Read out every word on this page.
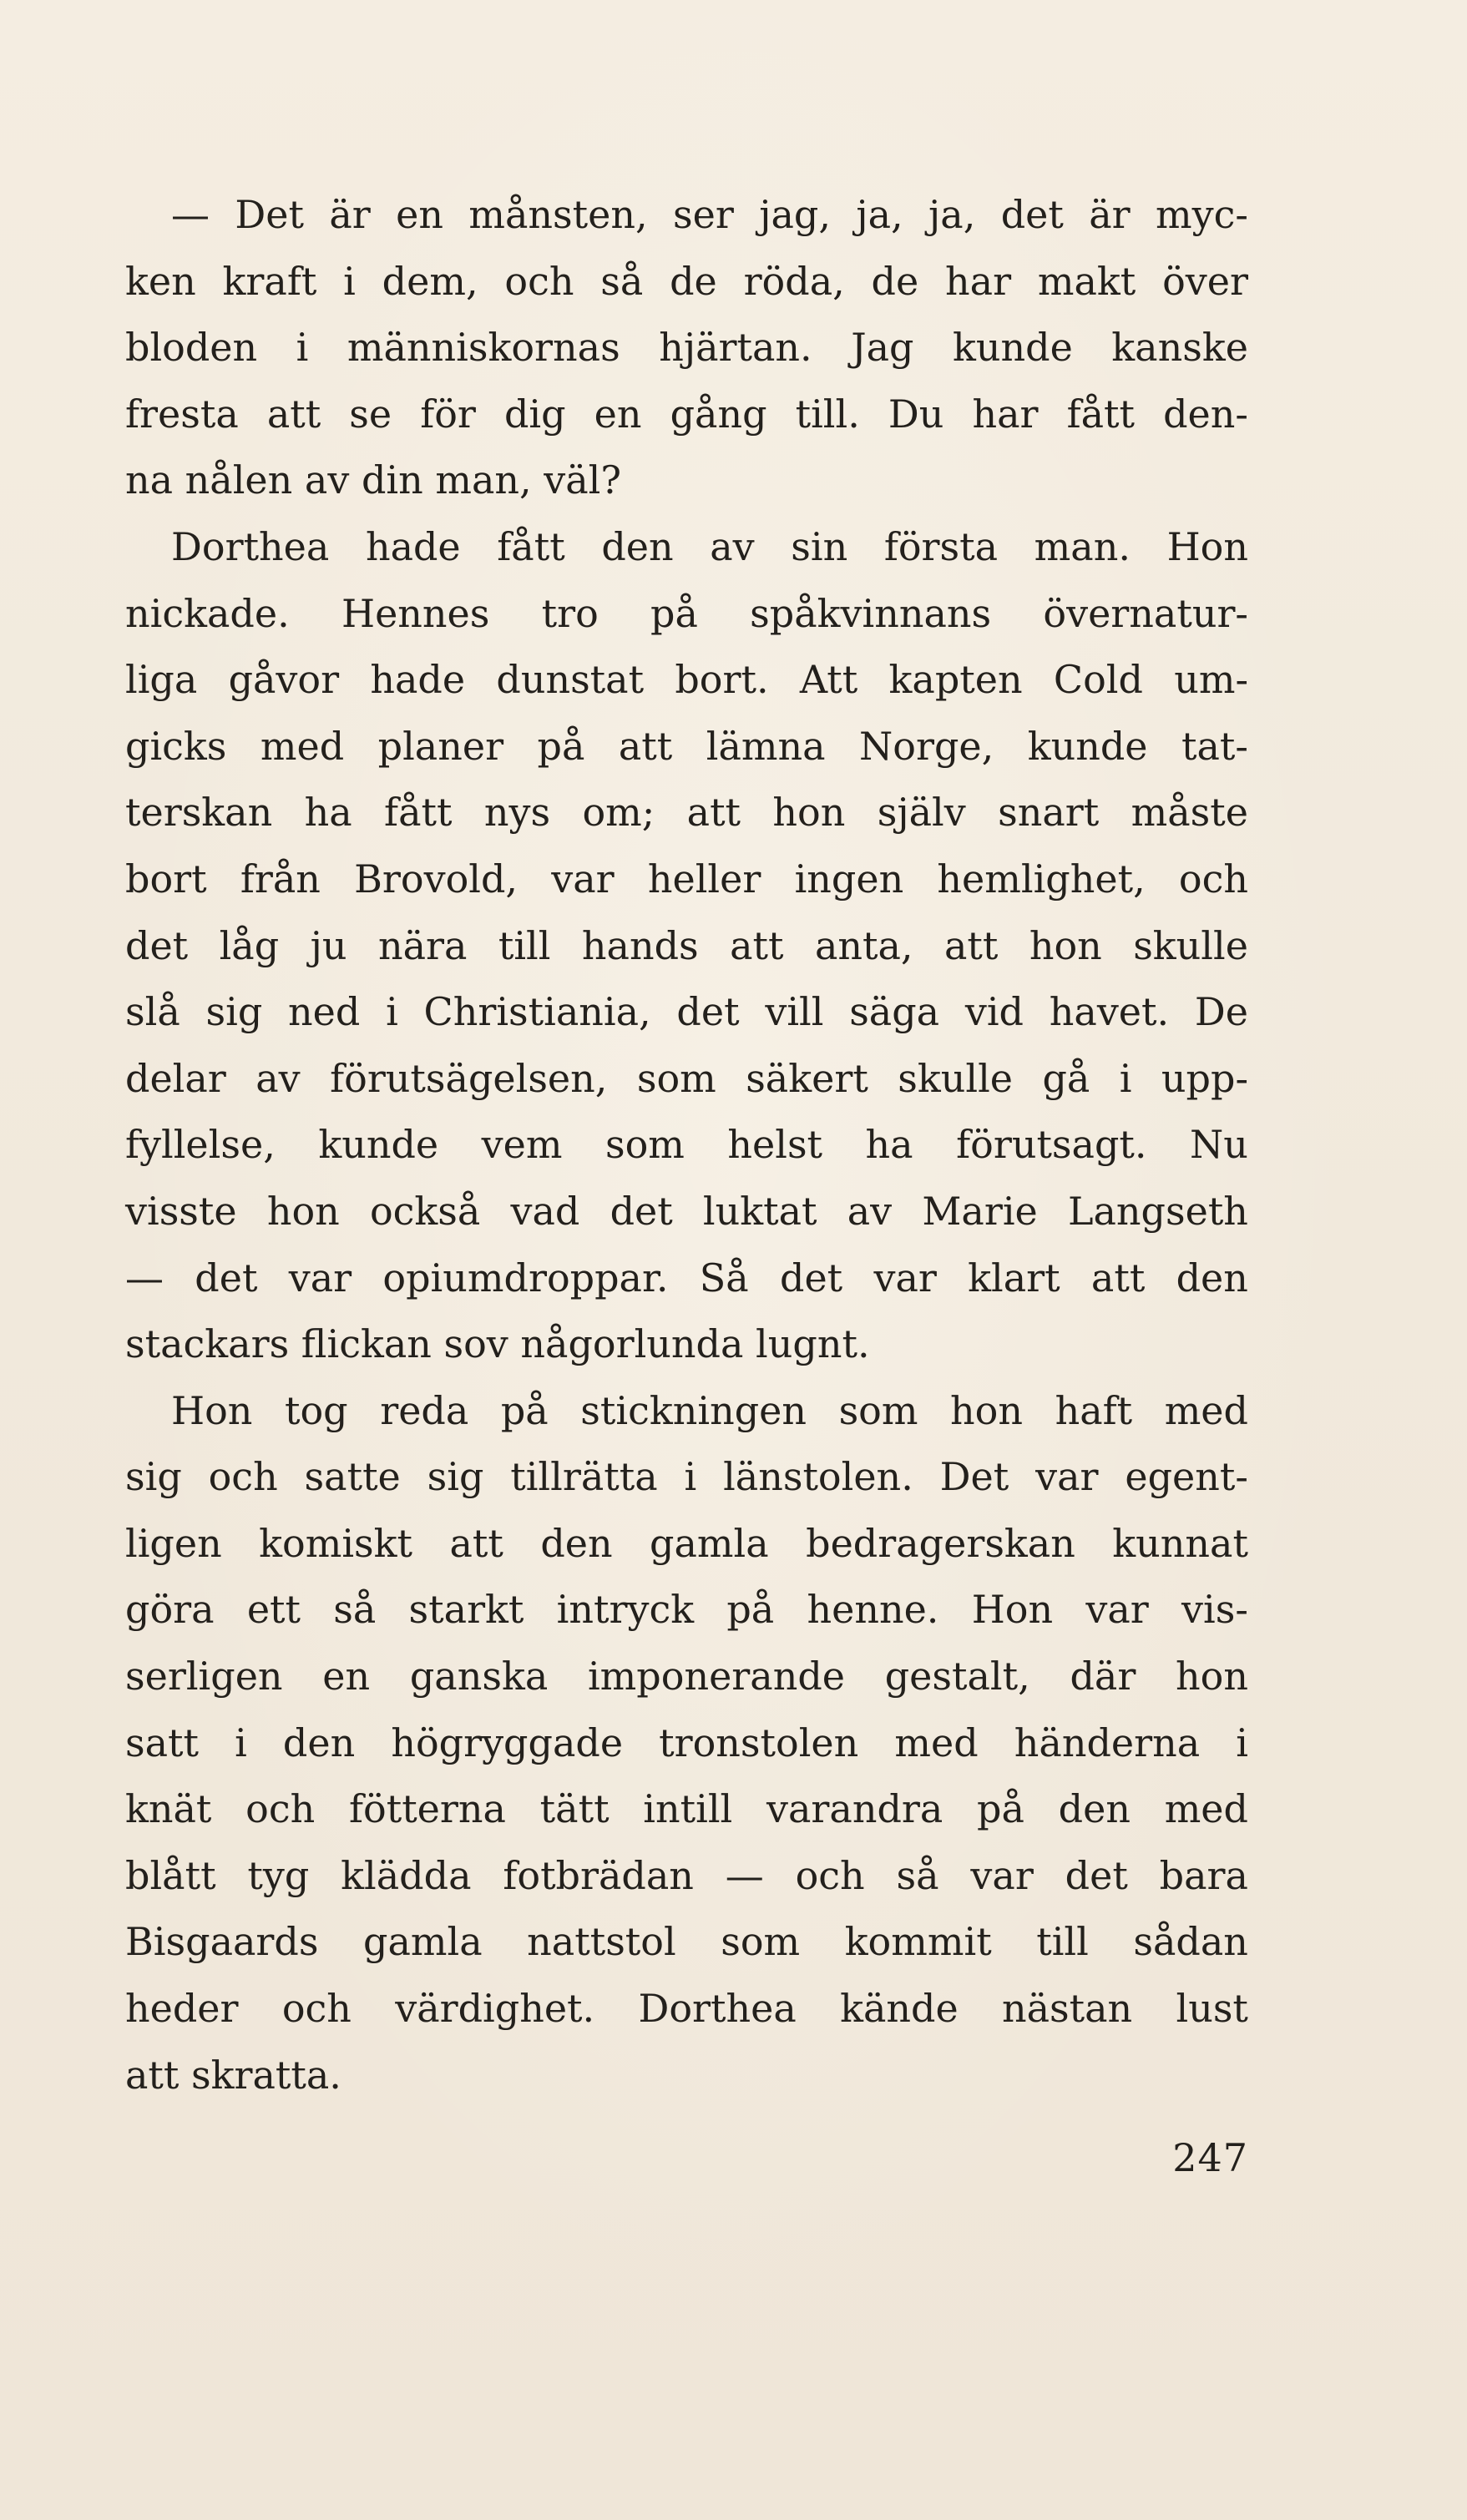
— Det är en månsten, ser jag, ja, ja, det är myc-
ken kraft i dem, och så de röda, de har makt över
bloden i människornas hjärtan. Jag kunde kanske
fresta att se för dig en gång till. Du har fått den-
na nålen av din man, väl?
Dorthea hade fått den av sin första man. Hon
nickade. Hennes tro på spåkvinnans övernatur-
liga gåvor hade dunstat bort. Att kapten Cold um-
gicks med planer på att lämna Norge, kunde tat-
terskan ha fått nys om; att hon själv snart måste
bort från Brovold, var heller ingen hemlighet, och
det låg ju nära till hands att anta, att hon skulle
slå sig ned i Christiania, det vill säga vid havet. De
delar av förutsägelsen, som säkert skulle gå i upp-
fyllelse, kunde vem som helst ha förutsagt. Nu
visste hon också vad det luktat av Marie Langseth
— det var opiumdroppar. Så det var klart att den
stackars flickan sov någorlunda lugnt.
Hon tog reda på stickningen som hon haft med
sig och satte sig tillrätta i länstolen. Det var egent-
ligen komiskt att den gamla bedragerskan kunnat
göra ett så starkt intryck på henne. Hon var vis-
serligen en ganska imponerande gestalt, där hon
satt i den högryggade tronstolen med händerna i
knät och fötterna tätt intill varandra på den med
blått tyg klädda fotbrädan — och så var det bara
Bisgaards gamla nattstol som kommit till sådan
heder och värdighet. Dorthea kände nästan lust
att skratta.
247
